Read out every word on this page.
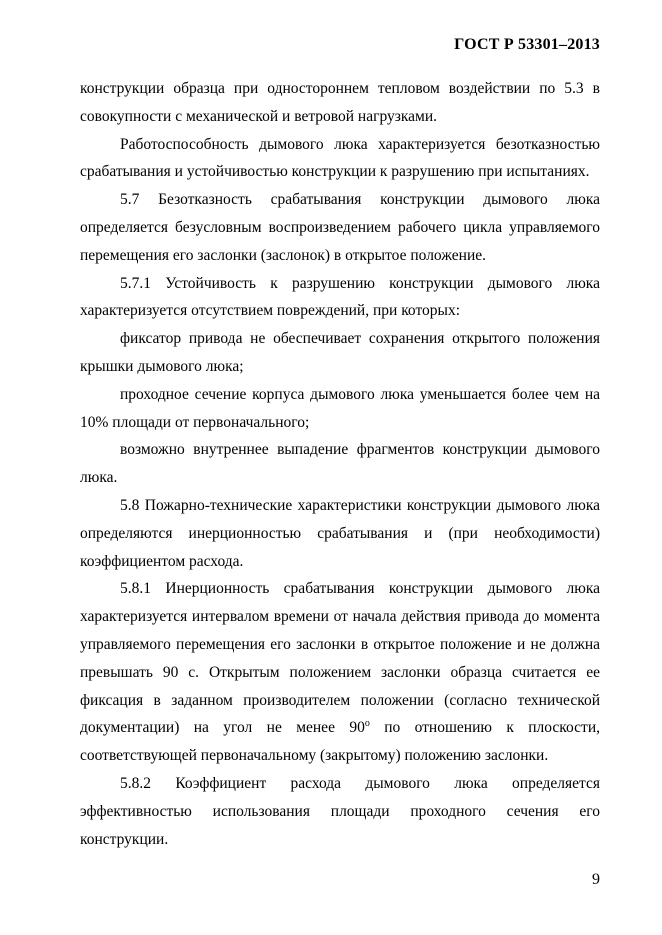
ГОСТ Р 53301–2013

конструкции образца при одностороннем тепловом воздействии по 5.3 в совокупности с механической и ветровой нагрузками.

Работоспособность дымового люка характеризуется безотказностью срабатывания и устойчивостью конструкции к разрушению при испытаниях.

5.7 Безотказность срабатывания конструкции дымового люка определяется безусловным воспроизведением рабочего цикла управляемого перемещения его заслонки (заслонок) в открытое положение.

5.7.1 Устойчивость к разрушению конструкции дымового люка характеризуется отсутствием повреждений, при которых:

фиксатор привода не обеспечивает сохранения открытого положения крышки дымового люка;

проходное сечение корпуса дымового люка уменьшается более чем на 10% площади от первоначального;

возможно внутреннее выпадение фрагментов конструкции дымового люка.

5.8 Пожарно-технические характеристики конструкции дымового люка определяются инерционностью срабатывания и (при необходимости) коэффициентом расхода.

5.8.1 Инерционность срабатывания конструкции дымового люка характеризуется интервалом времени от начала действия привода до момента управляемого перемещения его заслонки в открытое положение и не должна превышать 90 с. Открытым положением заслонки образца считается ее фиксация в заданном производителем положении (согласно технической документации) на угол не менее $90^о$ по отношению к плоскости, соответствующей первоначальному (закрытому) положению заслонки.

5.8.2 Коэффициент расхода дымового люка определяется эффективностью использования площади проходного сечения его конструкции.

9
